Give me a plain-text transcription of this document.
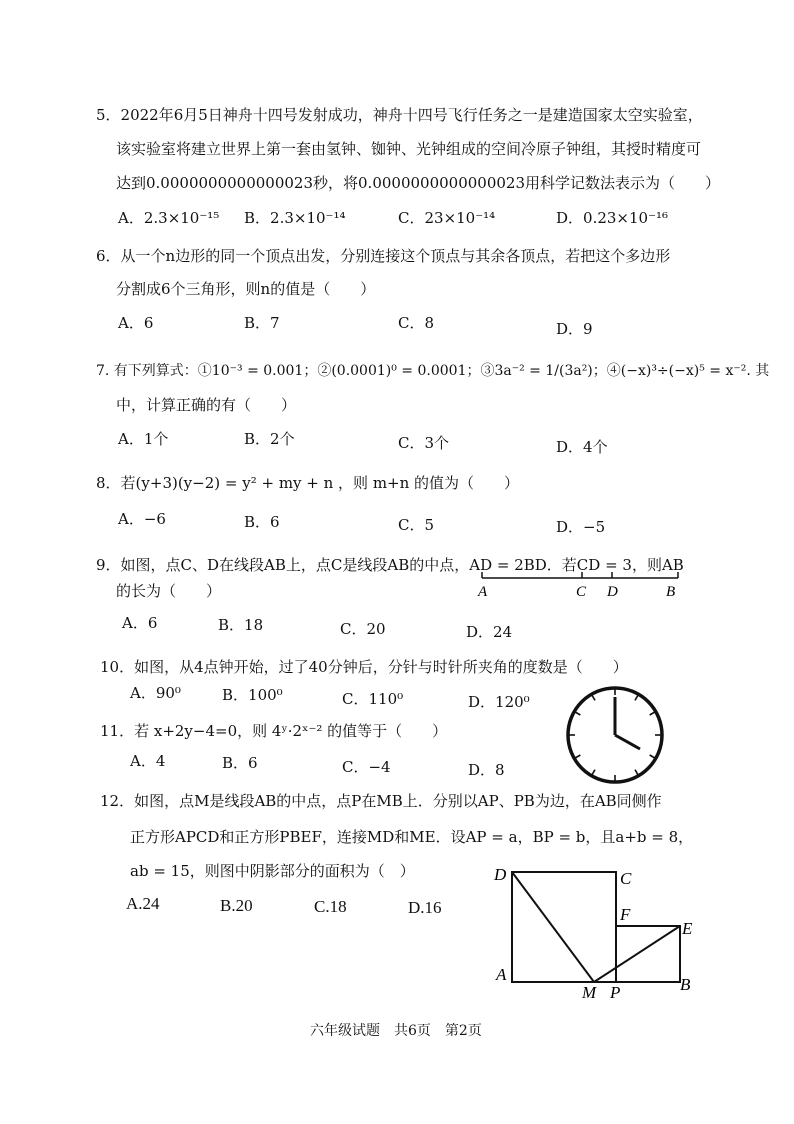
5．2022年6月5日神舟十四号发射成功，神舟十四号飞行任务之一是建造国家太空实验室，
该实验室将建立世界上第一套由氢钟、铷钟、光钟组成的空间冷原子钟组，其授时精度可
达到0.0000000000000023秒，将0.0000000000000023用科学记数法表示为（　　）
A．2.3×10⁻¹⁵ B．2.3×10⁻¹⁴	C．23×10⁻¹⁴	D．0.23×10⁻¹⁶
6．从一个n边形的同一个顶点出发，分别连接这个顶点与其余各顶点，若把这个多边形
分割成6个三角形，则n的值是（　　）
A．6	B．7	C．8	D．9
7. 有下列算式：①10⁻³ = 0.001；②(0.0001)⁰ = 0.0001；③3a⁻² = 1/(3a²)；④(−x)³÷(−x)⁵ = x⁻². 其
中，计算正确的有（　　）
A．1个	B．2个	C．3个	D．4个
8．若(y+3)(y−2) = y² + my + n ，则 m+n 的值为（　　）
A．−6	B．6	C．5	D．−5
9．如图，点C、D在线段AB上，点C是线段AB的中点，AD = 2BD．若CD = 3，则AB
的长为（　　）
A．6	B．18	C．20	D．24
A	C D	B
10．如图，从4点钟开始，过了40分钟后，分针与时针所夹角的度数是（　　）
A．90⁰	B．100⁰	C．110⁰	D．120⁰
11．若 x+2y−4=0，则 4ʸ·2ˣ⁻² 的值等于（　　）
A．4	B．6	C．−4	D．8
12．如图，点M是线段AB的中点，点P在MB上．分别以AP、PB为边，在AB同侧作
正方形APCD和正方形PBEF，连接MD和ME．设AP = a，BP = b，且a+b = 8，
ab = 15，则图中阴影部分的面积为（　）
A.24	B.20	C.18	D.16
D	C
F
E
A
M P	B
六年级试题　共6页　第2页
